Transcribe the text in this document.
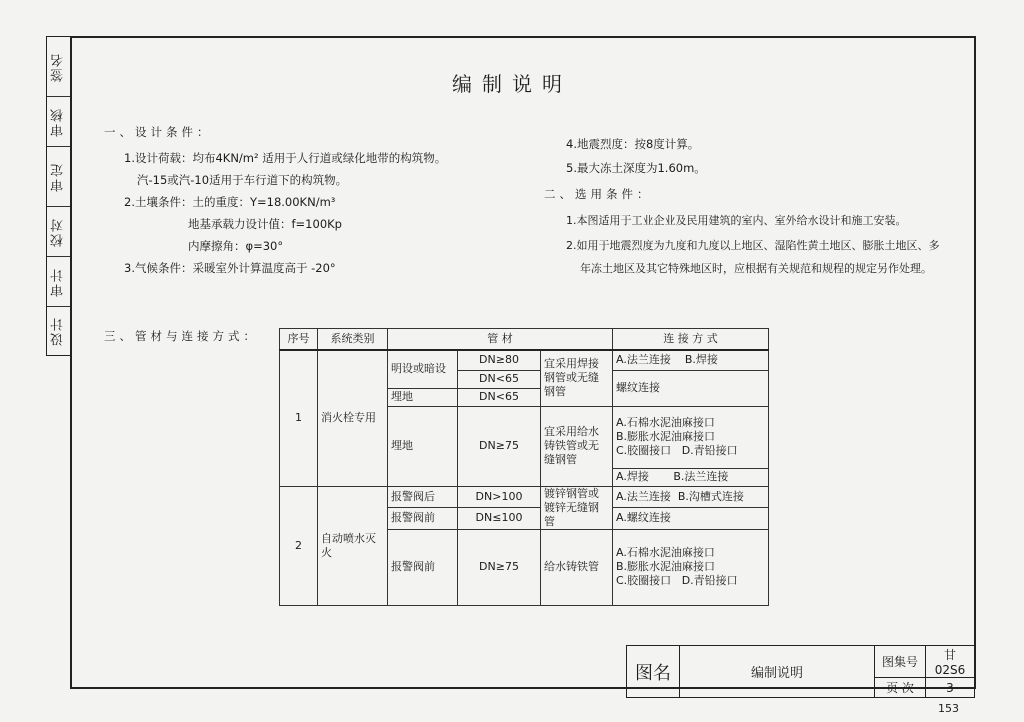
签名
审核
审定
校对
审计
设计
编制说明
一、设计条件：
1.设计荷载：均布4KN/m² 适用于人行道或绿化地带的构筑物。
汽-15或汽-10适用于车行道下的构筑物。
2.土壤条件：土的重度：Y=18.00KN/m³
地基承载力设计值：f=100Kp
内摩擦角：φ=30°
3.气候条件：采暖室外计算温度高于 -20°
4.地震烈度：按8度计算。
5.最大冻土深度为1.60m。
二、选用条件：
1.本图适用于工业企业及民用建筑的室内、室外给水设计和施工安装。
2.如用于地震烈度为九度和九度以上地区、湿陷性黄土地区、膨胀土地区、多
年冻土地区及其它特殊地区时，应根据有关规范和规程的规定另作处理。
三、管材与连接方式：	序号	系统类别	管 材			连 接 方 式
1	消火栓专用	明设或暗设	DN≥80	宜采用焊接钢管或无缝钢管	A.法兰连接 B.焊接
			DN<65		螺纹连接
		埋地	DN<65		
		埋地	DN≥75	宜采用给水铸铁管或无缝钢管	A.石棉水泥油麻接口
B.膨胀水泥油麻接口
C.胶圈接口 D.青铅接口

					A.焊接 B.法兰连接
2	自动喷水灭火	报警阀后	DN>100	镀锌钢管或镀锌无缝钢管	A.法兰连接 B.沟槽式连接
		报警阀前	DN≤100		A.螺纹连接
		报警阀前	DN≥75	给水铸铁管	A.石棉水泥油麻接口
B.膨胀水泥油麻接口
C.胶圈接口 D.青铅接口
图名	编制说明	图集号	甘02S6
		页 次	3
153
